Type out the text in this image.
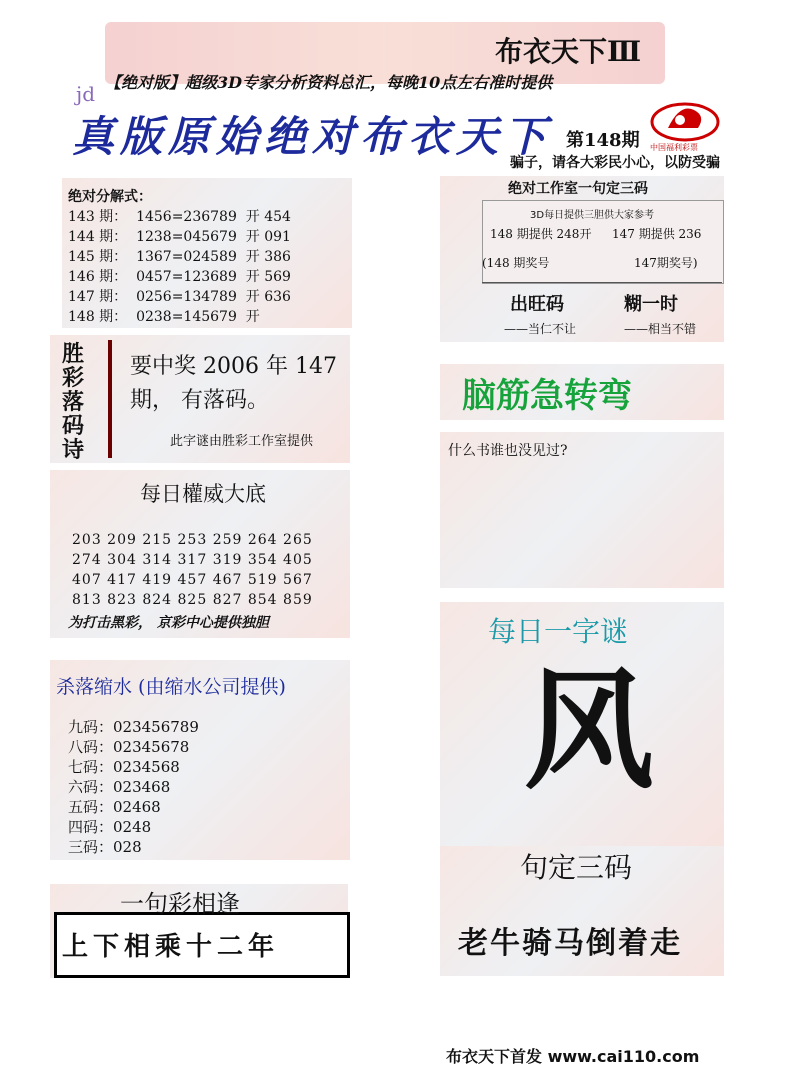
布衣天下Ⅲ
【绝对版】超级3D专家分析资料总汇，每晚10点左右准时提供
jd
真版原始绝对布衣天下 第148期 中国福利彩票
骗子，请各大彩民小心，以防受骗
绝对分解式：
143 期：  1456=236789  开 454
144 期：  1238=045679  开 091
145 期：  1367=024589  开 386
146 期：  0457=123689  开 569
147 期：  0256=134789  开 636
148 期：  0238=145679  开
胜
彩
落
码
诗
要中奖 2006 年 147 期， 有落码。
此字谜由胜彩工作室提供
每日權威大底
203 209 215 253 259 264 265
274 304 314 317 319 354 405
407 417 419 457 467 519 567
813 823 824 825 827 854 859
为打击黑彩， 京彩中心提供独胆
杀落缩水 (由缩水公司提供)
九码：023456789
八码：02345678
七码：0234568
六码：023468
五码：02468
四码：0248
三码：028
一句彩相逢
上下相乘十二年
绝对工作室一句定三码
3D每日提供三胆供大家参考
148 期提供 248开 147 期提供 236
(148 期奖号	147期奖号)
出旺码	糊一时
——当仁不让	——相当不错
脑筋急转弯
什么书谁也没见过?
每日一字谜
风
句定三码
老牛骑马倒着走
布衣天下首发 www.cai110.com
